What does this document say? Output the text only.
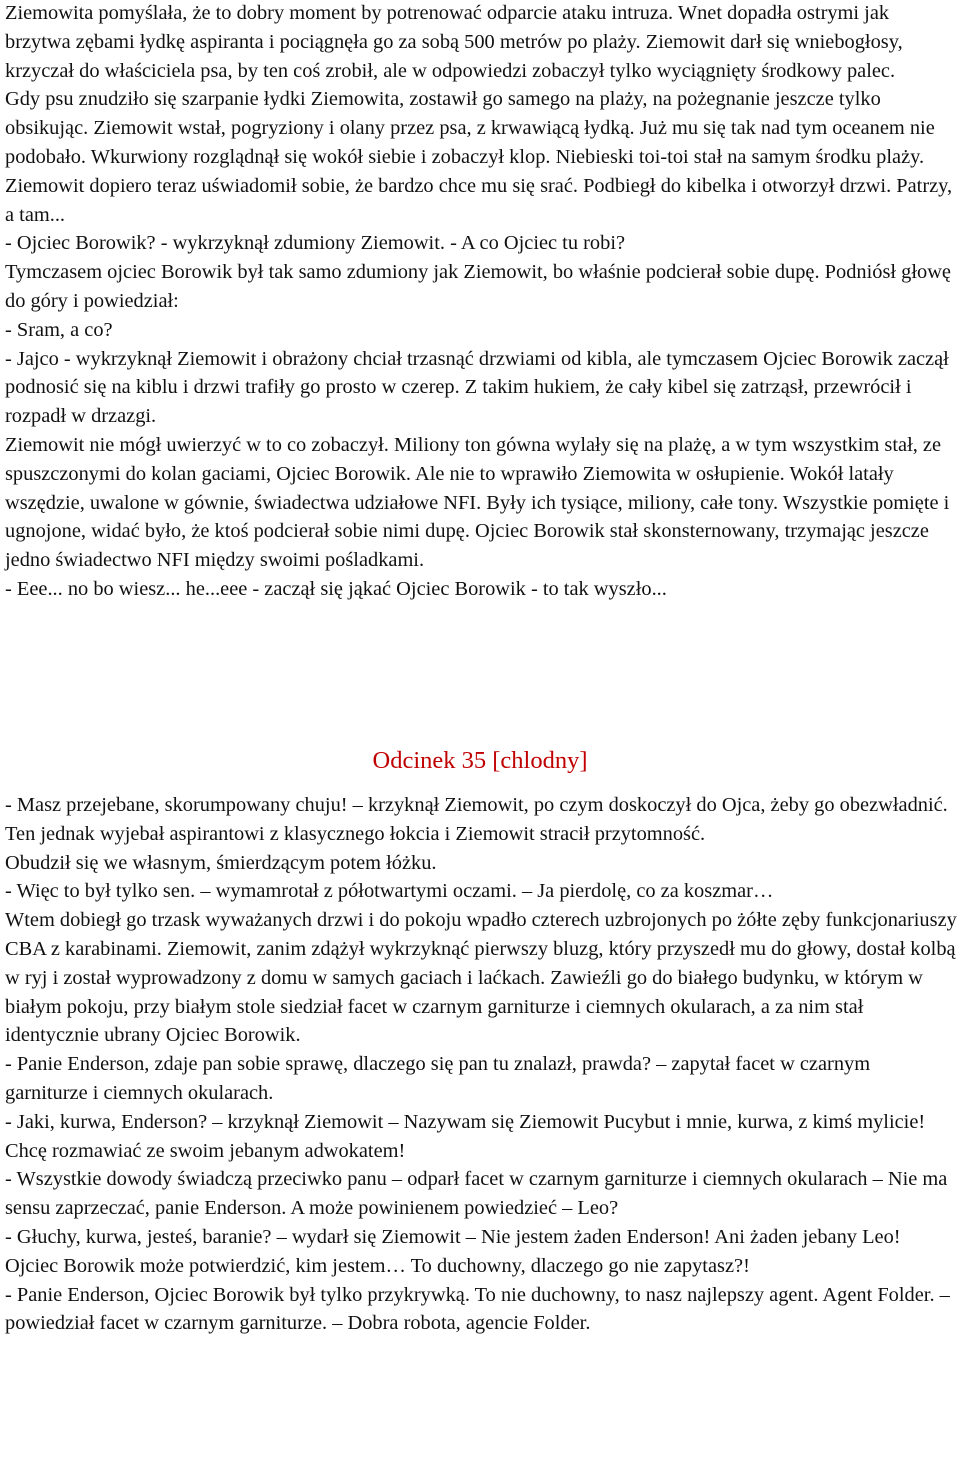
Ziemowita pomyślała, że to dobry moment by potrenować odparcie ataku intruza. Wnet dopadła ostrymi jak brzytwa zębami łydkę aspiranta i pociągnęła go za sobą 500 metrów po plaży. Ziemowit darł się wniebogłosy, krzyczał do właściciela psa, by ten coś zrobił, ale w odpowiedzi zobaczył tylko wyciągnięty środkowy palec.

Gdy psu znudziło się szarpanie łydki Ziemowita, zostawił go samego na plaży, na pożegnanie jeszcze tylko obsikując. Ziemowit wstał, pogryziony i olany przez psa, z krwawiącą łydką. Już mu się tak nad tym oceanem nie podobało. Wkurwiony rozglądnął się wokół siebie i zobaczył klop. Niebieski toi-toi stał na samym środku plaży. Ziemowit dopiero teraz uświadomił sobie, że bardzo chce mu się srać. Podbiegł do kibelka i otworzył drzwi. Patrzy, a tam...

- Ojciec Borowik? - wykrzyknął zdumiony Ziemowit. - A co Ojciec tu robi?

Tymczasem ojciec Borowik był tak samo zdumiony jak Ziemowit, bo właśnie podcierał sobie dupę. Podniósł głowę do góry i powiedział:

- Sram, a co?

- Jajco - wykrzyknął Ziemowit i obrażony chciał trzasnąć drzwiami od kibla, ale tymczasem Ojciec Borowik zaczął podnosić się na kiblu i drzwi trafiły go prosto w czerep. Z takim hukiem, że cały kibel się zatrząsł, przewrócił i rozpadł w drzazgi.

Ziemowit nie mógł uwierzyć w to co zobaczył. Miliony ton gówna wylały się na plażę, a w tym wszystkim stał, ze spuszczonymi do kolan gaciami, Ojciec Borowik. Ale nie to wprawiło Ziemowita w osłupienie. Wokół latały wszędzie, uwalone w gównie, świadectwa udziałowe NFI. Były ich tysiące, miliony, całe tony. Wszystkie pomięte i ugnojone, widać było, że ktoś podcierał sobie nimi dupę. Ojciec Borowik stał skonsternowany, trzymając jeszcze jedno świadectwo NFI między swoimi pośladkami.

- Eee... no bo wiesz... he...eee - zaczął się jąkać Ojciec Borowik - to tak wyszło...

Odcinek 35 [chlodny]

- Masz przejebane, skorumpowany chuju! – krzyknął Ziemowit, po czym doskoczył do Ojca, żeby go obezwładnić. Ten jednak wyjebał aspirantowi z klasycznego łokcia i Ziemowit stracił przytomność.

Obudził się we własnym, śmierdzącym potem łóżku.

- Więc to był tylko sen. – wymamrotał z półotwartymi oczami. – Ja pierdolę, co za koszmar…

Wtem dobiegł go trzask wyważanych drzwi i do pokoju wpadło czterech uzbrojonych po żółte zęby funkcjonariuszy CBA z karabinami. Ziemowit, zanim zdążył wykrzyknąć pierwszy bluzg, który przyszedł mu do głowy, dostał kolbą w ryj i został wyprowadzony z domu w samych gaciach i laćkach. Zawieźli go do białego budynku, w którym w białym pokoju, przy białym stole siedział facet w czarnym garniturze i ciemnych okularach, a za nim stał identycznie ubrany Ojciec Borowik.

- Panie Enderson, zdaje pan sobie sprawę, dlaczego się pan tu znalazł, prawda? – zapytał facet w czarnym garniturze i ciemnych okularach.

- Jaki, kurwa, Enderson? – krzyknął Ziemowit – Nazywam się Ziemowit Pucybut i mnie, kurwa, z kimś mylicie! Chcę rozmawiać ze swoim jebanym adwokatem!

- Wszystkie dowody świadczą przeciwko panu – odparł facet w czarnym garniturze i ciemnych okularach – Nie ma sensu zaprzeczać, panie Enderson. A może powinienem powiedzieć – Leo?

- Głuchy, kurwa, jesteś, baranie? – wydarł się Ziemowit – Nie jestem żaden Enderson! Ani żaden jebany Leo! Ojciec Borowik może potwierdzić, kim jestem… To duchowny, dlaczego go nie zapytasz?!

- Panie Enderson, Ojciec Borowik był tylko przykrywką. To nie duchowny, to nasz najlepszy agent. Agent Folder. – powiedział facet w czarnym garniturze. – Dobra robota, agencie Folder.
